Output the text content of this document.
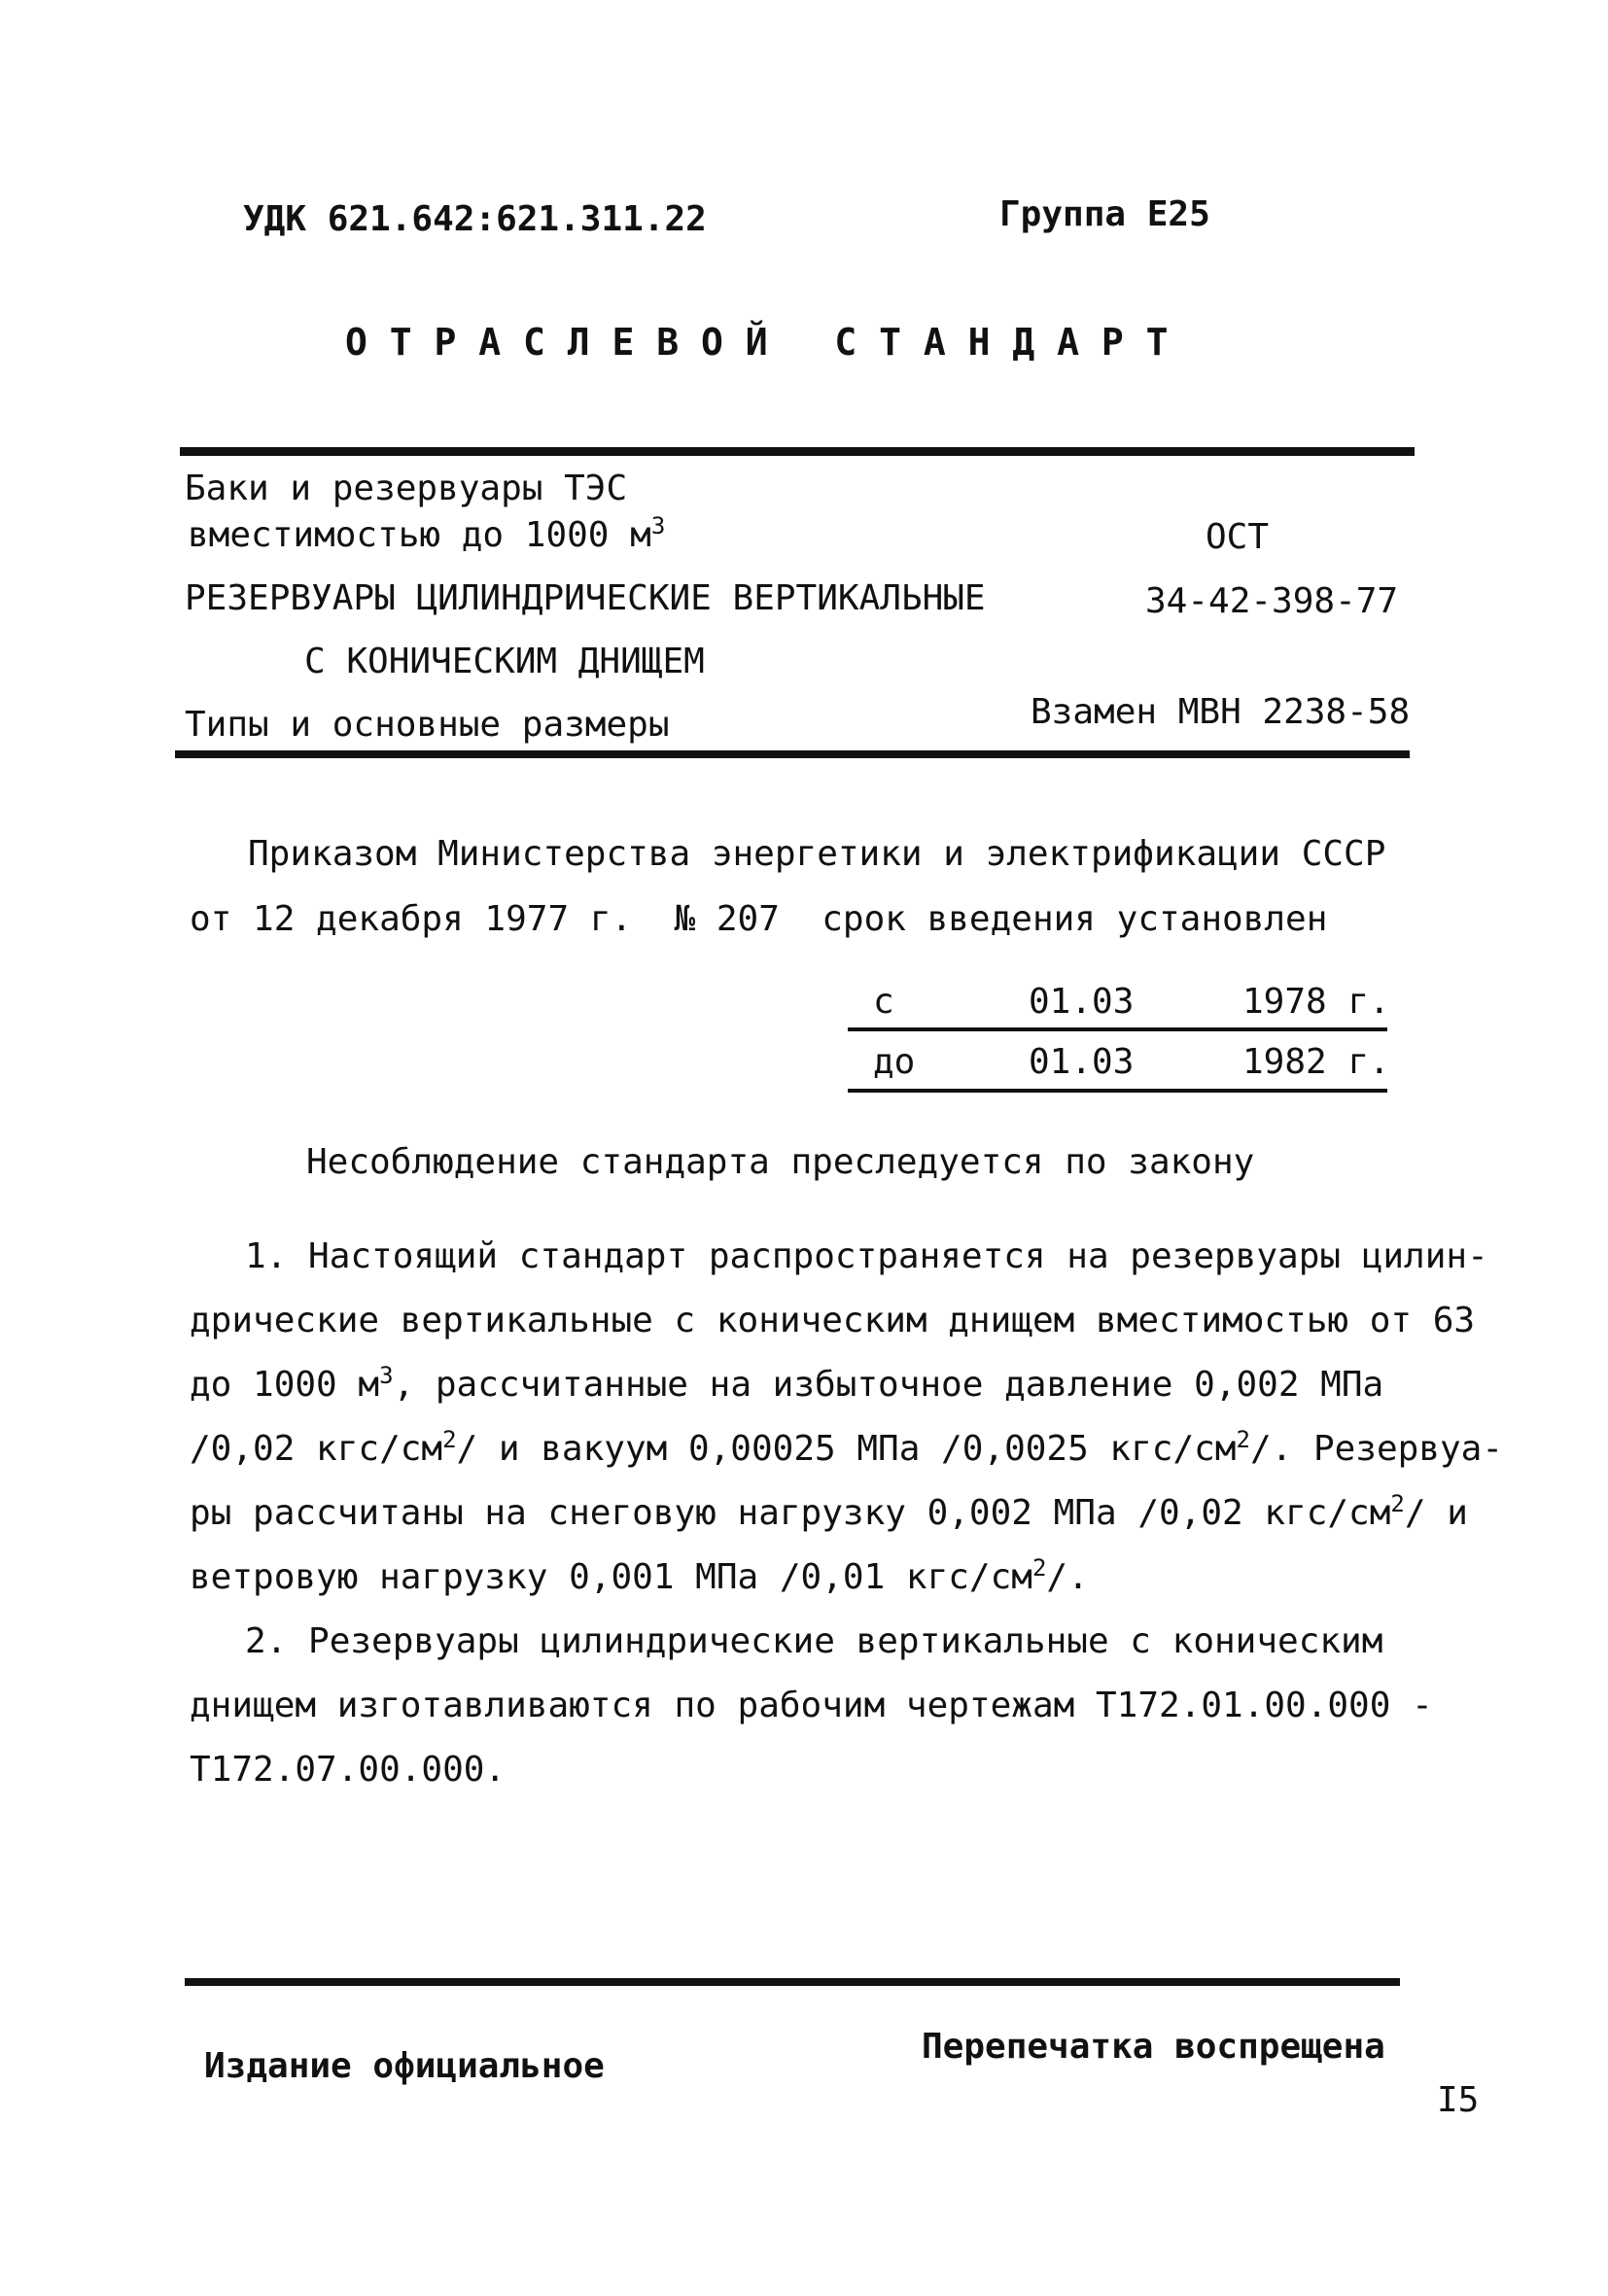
УДК 621.642:621.311.22	Группа Е25
О Т Р А С Л Е В О Й   С Т А Н Д А Р Т
Баки и резервуары ТЭС
вместимостью до 1000 $м^3$
РЕЗЕРВУАРЫ ЦИЛИНДРИЧЕСКИЕ ВЕРТИКАЛЬНЫЕ
С КОНИЧЕСКИМ ДНИЩЕМ
Типы и основные размеры
ОСТ
34-42-398-77
Взамен МВН 2238-58
Приказом Министерства энергетики и электрификации СССР
от 12 декабря 1977 г.  № 207  срок введения установлен
с	01.03	1978 г.
до	01.03	1982 г.
Несоблюдение стандарта преследуется по закону
1. Настоящий стандарт распространяется на резервуары цилин-
дрические вертикальные с коническим днищем вместимостью от 63
до 1000 $м^3$, рассчитанные на избыточное давление 0,002 МПа
/0,02 кгс/$см^2/$ и вакуум 0,00025 МПа /0,0025 кгс/$см^2/$. Резервуа-
ры рассчитаны на снеговую нагрузку 0,002 МПа /0,02 кгс/$см^2/$ и
ветровую нагрузку 0,001 МПа /0,01 кгс/$см^2/$.
2. Резервуары цилиндрические вертикальные с коническим
днищем изготавливаются по рабочим чертежам Т172.01.00.000 -
Т172.07.00.000.
Издание официальное	Перепечатка воспрещена
I5
